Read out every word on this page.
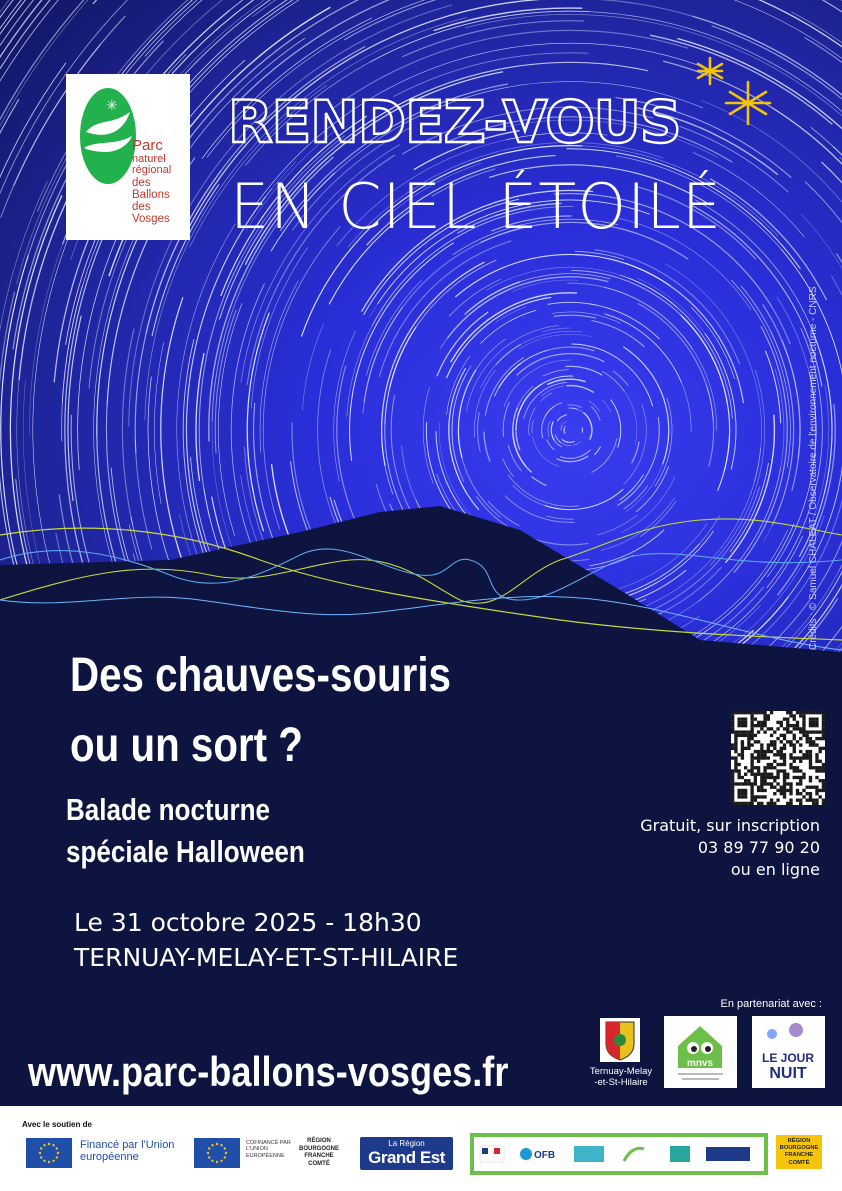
✳
Parc
naturel
régional
des Ballons
des Vosges
RENDEZ-VOUS
EN CIEL ÉTOILÉ
Crédits : © Samuel CHALEAT / Observatoire de l'environnement nocturne - CNRS
Des chauves-souris
ou un sort ?
Balade nocturne
spéciale Halloween
Le 31 octobre 2025 - 18h30
TERNUAY-MELAY-ET-ST-HILAIRE
Gratuit, sur inscription
03 89 77 90 20
ou en ligne
En partenariat avec :
Ternuay-Melay
-et-St-Hilaire
mnvs	LE JOUR
NUIT
www.parc-ballons-vosges.fr
Avec le soutien de
Financé par l'Union européenne
COFINANCÉ PAR L'UNION EUROPÉENNE
RÉGION
BOURGOGNE
FRANCHE
COMTÉ
La Région
Grand Est	OFB
RÉGION
BOURGOGNE
FRANCHE
COMTÉ
